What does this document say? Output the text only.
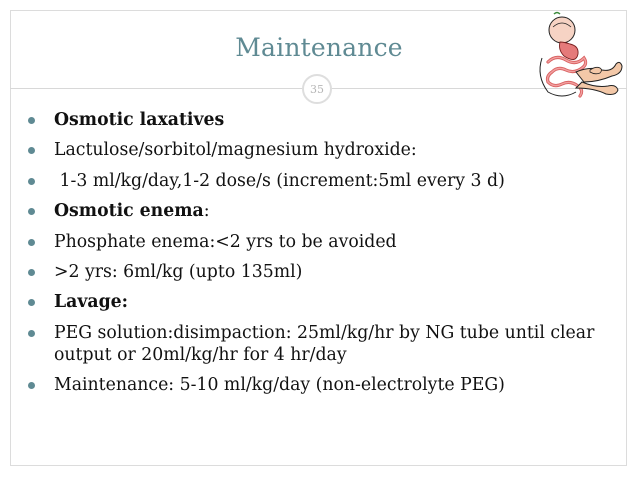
Maintenance
35
Osmotic laxatives
Lactulose/sorbitol/magnesium hydroxide:
1-3 ml/kg/day,1-2 dose/s (increment:5ml every 3 d)
Osmotic enema:
Phosphate enema:<2 yrs to be avoided
>2 yrs: 6ml/kg (upto 135ml)
Lavage:
PEG solution:disimpaction: 25ml/kg/hr by NG tube until clear output or 20ml/kg/hr for 4 hr/day
Maintenance: 5-10 ml/kg/day (non-electrolyte PEG)
